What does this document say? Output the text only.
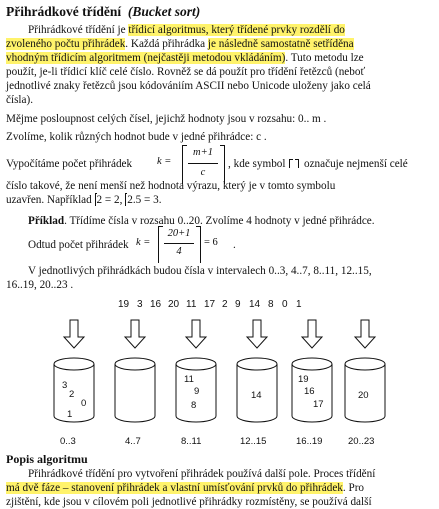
Přihrádkové třídění (Bucket sort)
Přihrádkové třídění je třídicí algoritmus, který třídené prvky rozdělí do
zvoleného počtu přihrádek. Každá přihrádka je následně samostatně setříděna
vhodným třídicím algoritmem (nejčastěji metodou vkládáním). Tuto metodu lze
použít, je-li třídicí klíč celé číslo. Rovněž se dá použít pro třídění řetězců (neboť
jednotlivé znaky řetězců jsou kódovániím ASCII nebo Unicode uloženy jako celá
čísla).
Mějme posloupnost celých čísel, jejichž hodnoty jsou v rozsahu: 0.. m .
Zvolíme, kolik různých hodnot bude v jedné přihrádce: c .
Vypočítáme počet přihrádek k =
m+1
c
, kde symbol označuje nejmenší celé
číslo takové, že není menší než hodnota výrazu, který je v tomto symbolu
uzavřen. Například 2 = 2, 2.5 = 3.
Příklad. Třídíme čísla v rozsahu 0..20. Zvolíme 4 hodnoty v jedné přihrádce.
Odtud počet přihrádek k =
20+1
4
= 6 .
V jednotlivých přihrádkách budou čísla v intervalech 0..3, 4..7, 8..11, 12..15,
16..19, 20..23 .
19 3 16 20 11 17 2 9 14 8 0 1
3
2
0
1
11
9
8
14
19
16
17
20
0..3	4..7	8..11	12..15	16..19	20..23
Popis algoritmu
Přihrádkové třídění pro vytvoření přihrádek používá další pole. Proces třídění
má dvě fáze – stanovení přihrádek a vlastní umísťování prvků do přihrádek. Pro
zjištění, kde jsou v cílovém poli jednotlivé přihrádky rozmístěny, se používá další
